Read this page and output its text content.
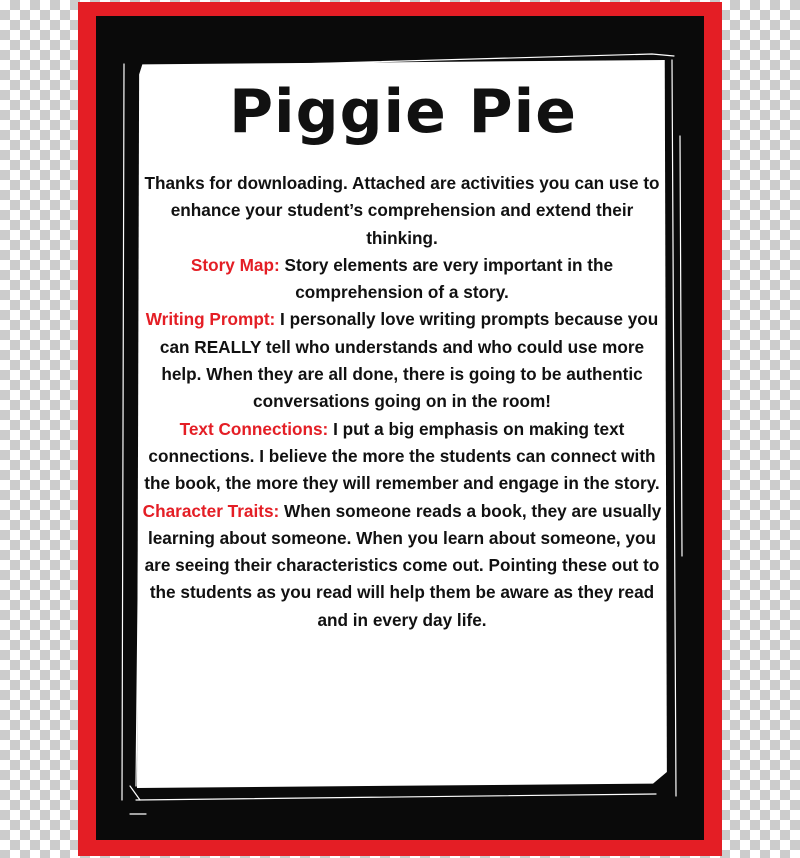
Piggie Pie

Thanks for downloading. Attached are activities you can use to enhance your student’s comprehension and extend their thinking.

Story Map: Story elements are very important in the comprehension of a story.

Writing Prompt: I personally love writing prompts because you can REALLY tell who understands and who could use more help. When they are all done, there is going to be authentic conversations going on in the room!

Text Connections: I put a big emphasis on making text connections. I believe the more the students can connect with the book, the more they will remember and engage in the story.

Character Traits: When someone reads a book, they are usually learning about someone. When you learn about someone, you are seeing their characteristics come out. Pointing these out to the students as you read will help them be aware as they read and in every day life.
